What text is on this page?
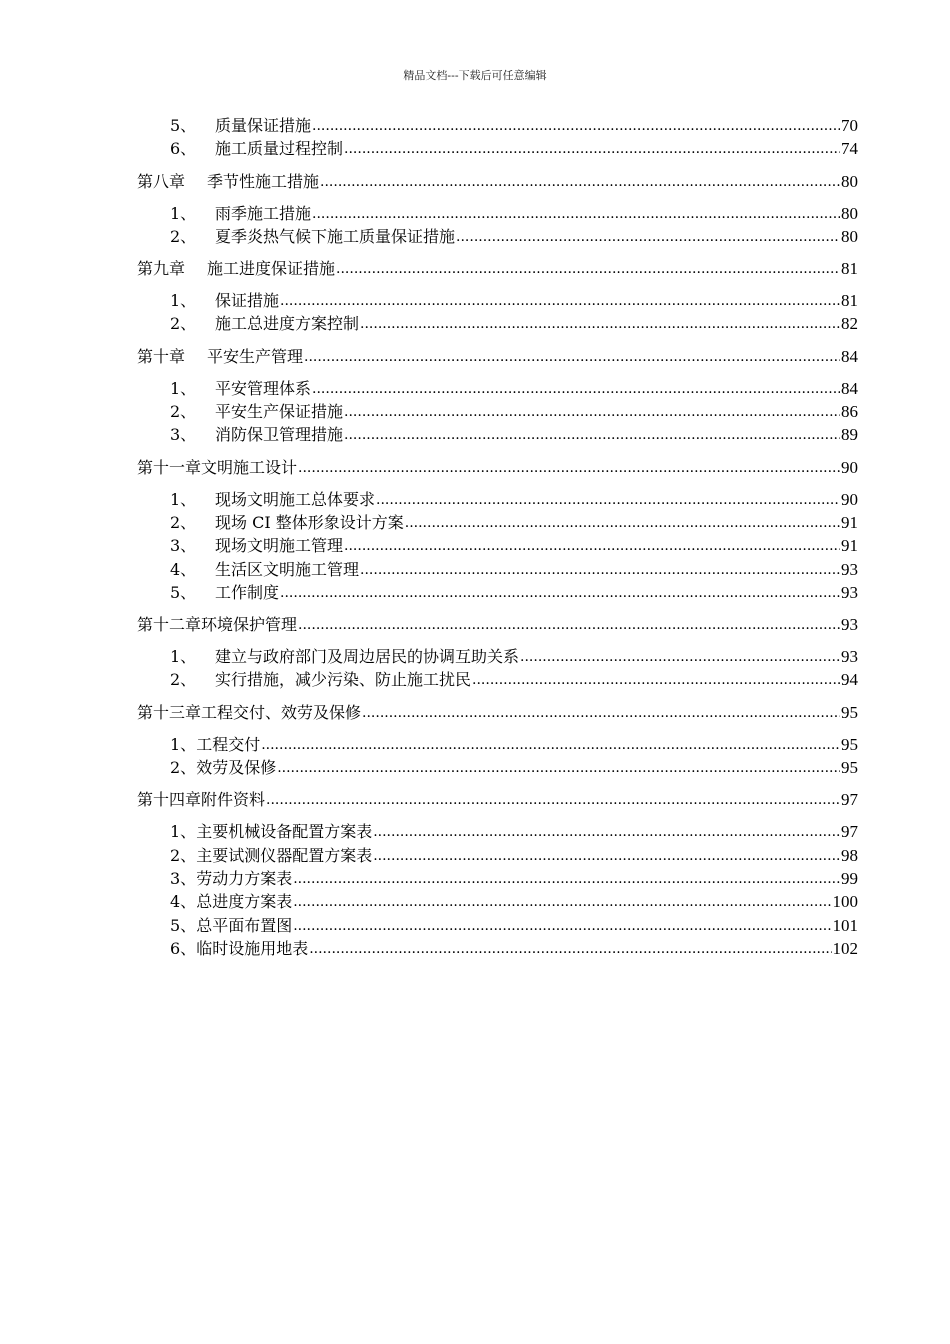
精品文档---下载后可任意编辑
5、	质量保证措施 .....	70
6、	施工质量过程控制 .....	74
第八章 季节性施工措施 .....	80
1、	雨季施工措施 .....	80
2、	夏季炎热气候下施工质量保证措施 .....	80
第九章 施工进度保证措施 .....	81
1、	保证措施 .....	81
2、	施工总进度方案控制 .....	82
第十章 平安生产管理 .....	84
1、	平安管理体系 .....	84
2、	平安生产保证措施 .....	86
3、	消防保卫管理措施 .....	89
第十一章 文明施工设计 .....	90
1、	现场文明施工总体要求 .....	90
2、	现场 CI 整体形象设计方案 .....	91
3、	现场文明施工管理 .....	91
4、	生活区文明施工管理 .....	93
5、	工作制度 .....	93
第十二章 环境保护管理 .....	93
1、	建立与政府部门及周边居民的协调互助关系 .....	93
2、	实行措施，减少污染、防止施工扰民 .....	94
第十三章 工程交付、效劳及保修 .....	95
1、 工程交付 .....	95
2、 效劳及保修 .....	95
第十四章 附件资料 .....	97
1、 主要机械设备配置方案表 .....	97
2、 主要试测仪器配置方案表 .....	98
3、 劳动力方案表 .....	99
4、 总进度方案表 .....	100
5、 总平面布置图 .....	101
6、 临时设施用地表 .....	102
